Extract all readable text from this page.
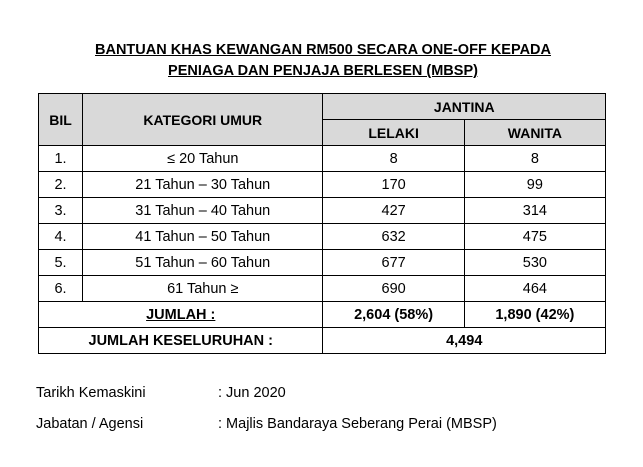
BANTUAN KHAS KEWANGAN RM500 SECARA ONE-OFF KEPADA
PENIAGA DAN PENJAJA BERLESEN (MBSP)
BIL	KATEGORI UMUR	JANTINA	
		LELAKI	WANITA
1.	≤ 20 Tahun	8	8
2.	21 Tahun – 30 Tahun	170	99
3.	31 Tahun – 40 Tahun	427	314
4.	41 Tahun – 50 Tahun	632	475
5.	51 Tahun – 60 Tahun	677	530
6.	61 Tahun ≥	690	464
JUMLAH :		2,604 (58%)	1,890 (42%)
JUMLAH KESELURUHAN :		4,494	
Tarikh Kemaskini	: Jun 2020
Jabatan / Agensi	: Majlis Bandaraya Seberang Perai (MBSP)
